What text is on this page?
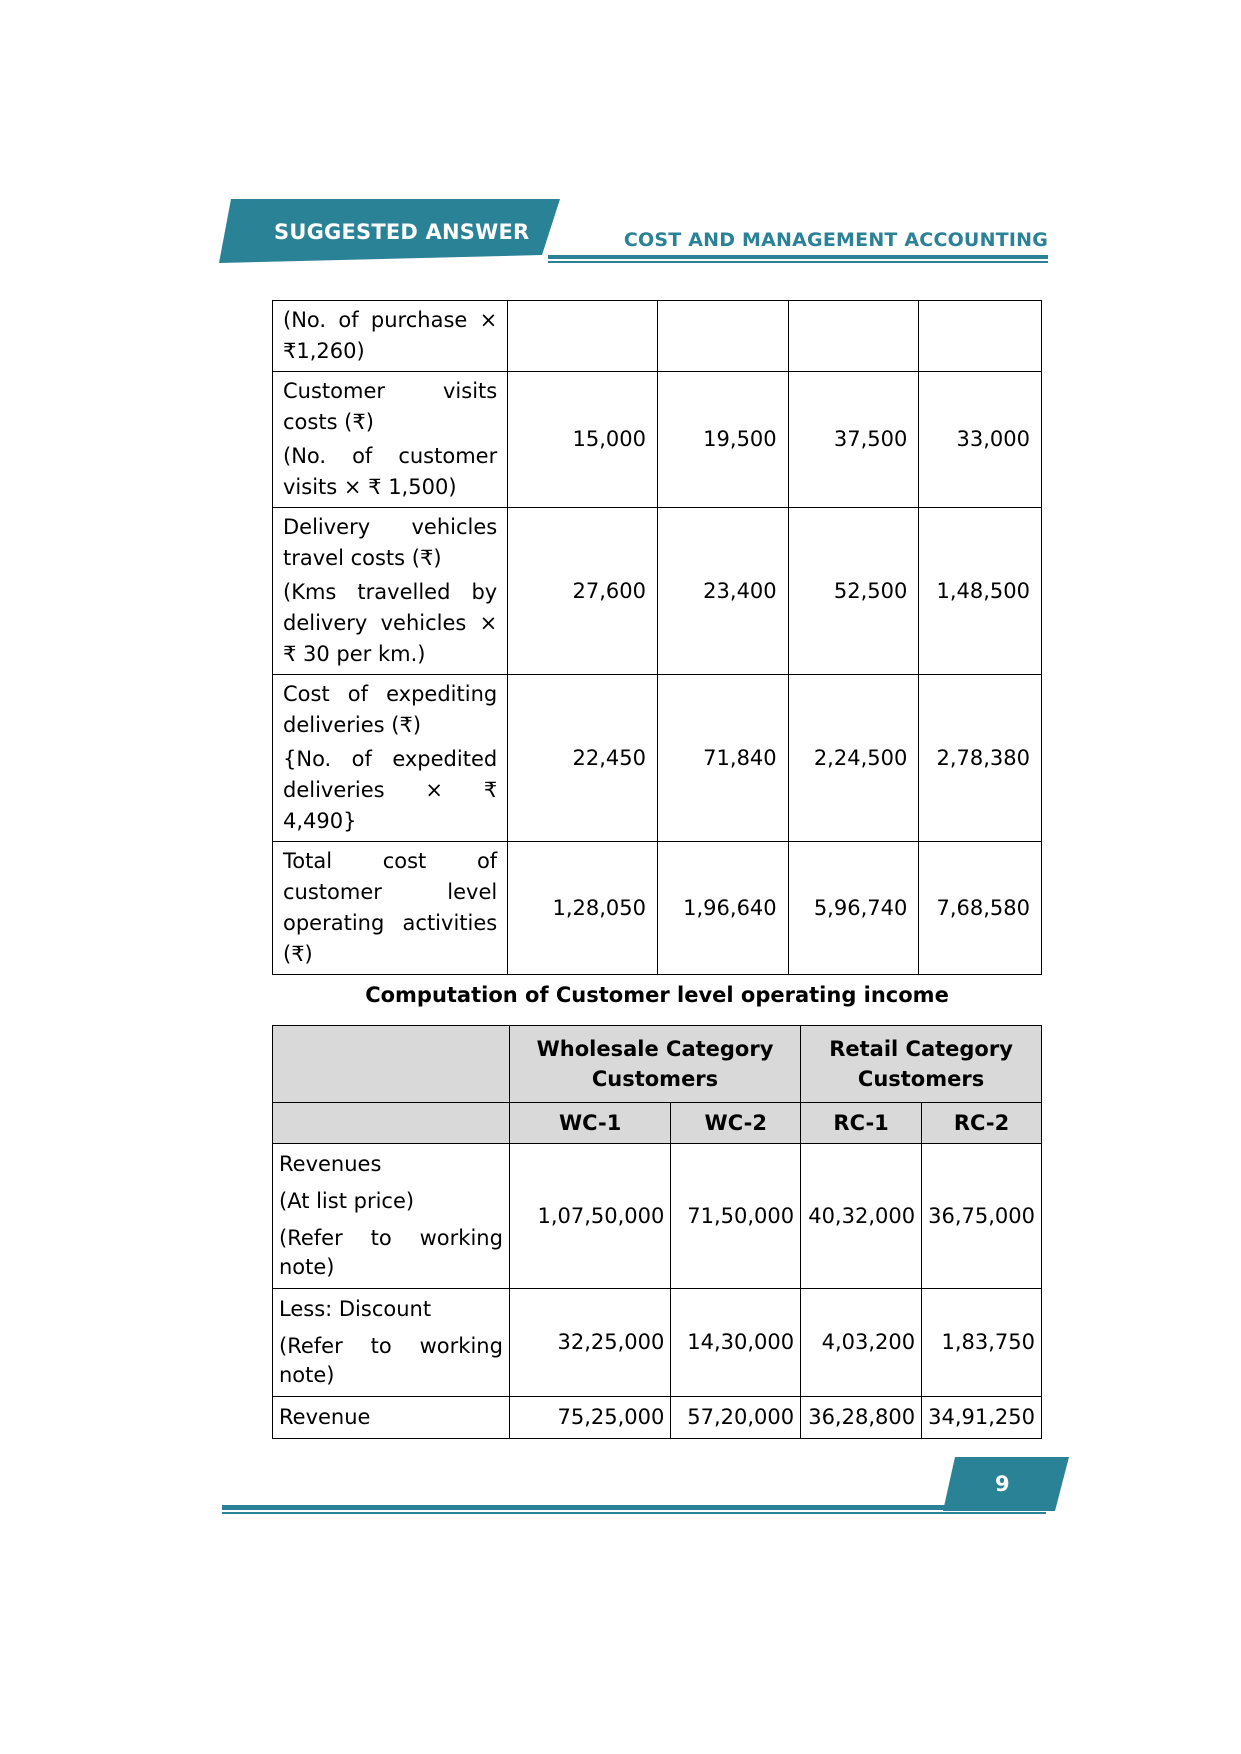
SUGGESTED ANSWER	COST AND MANAGEMENT ACCOUNTING

(No. of purchase × ₹1,260)				

Customer visits costs (₹)

(No. of customer visits × ₹ 1,500)	15,000	19,500	37,500	33,000

Delivery vehicles travel costs (₹)

(Kms travelled by delivery vehicles × ₹ 30 per km.)	27,600	23,400	52,500	1,48,500

Cost of expediting deliveries (₹)

{No. of expedited deliveries × ₹ 4,490}	22,450	71,840	2,24,500	2,78,380

Total cost of customer level operating activities (₹)	1,28,050	1,96,640	5,96,740	7,68,580
Computation of Customer level operating income
	Wholesale Category Customers		Retail Category Customers	
	WC-1	WC-2	RC-1	RC-2

Revenues

(At list price)

(Refer to working note)	1,07,50,000	71,50,000	40,32,000	36,75,000

Less: Discount

(Refer to working note)	32,25,000	14,30,000	4,03,200	1,83,750

Revenue	75,25,000	57,20,000	36,28,800	34,91,250
9
